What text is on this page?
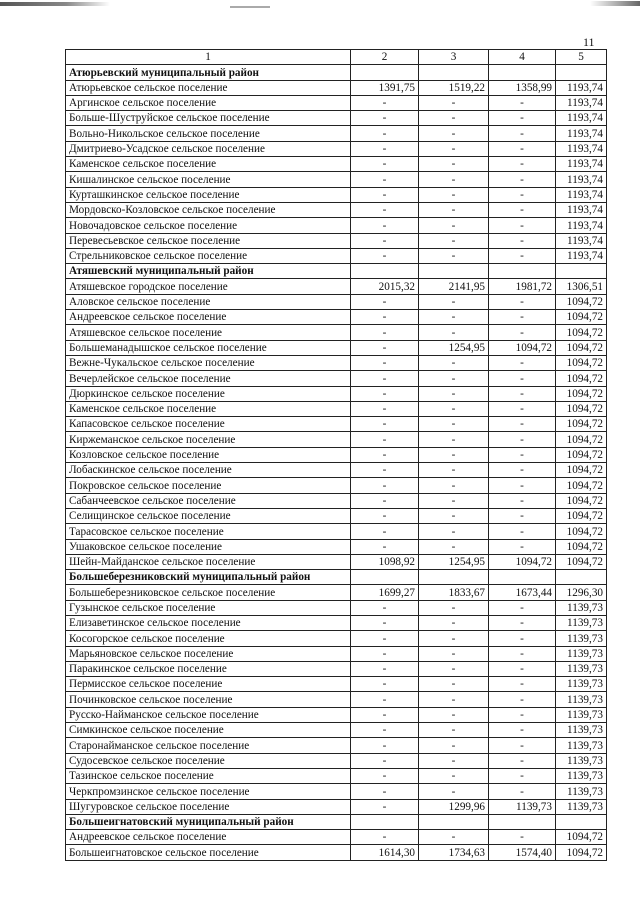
11
1	2	3	4	5
Атюрьевский муниципальный район				
Атюрьевское сельское поселение	1391,75	1519,22	1358,99	1193,74
Аргинское сельское поселение	-	-	-	1193,74
Больше-Шуструйское сельское поселение	-	-	-	1193,74
Вольно-Никольское сельское поселение	-	-	-	1193,74
Дмитриево-Усадское сельское поселение	-	-	-	1193,74
Каменское сельское поселение	-	-	-	1193,74
Кишалинское сельское поселение	-	-	-	1193,74
Курташкинское сельское поселение	-	-	-	1193,74
Мордовско-Козловское сельское поселение	-	-	-	1193,74
Новочадовское сельское поселение	-	-	-	1193,74
Перевесьевское сельское поселение	-	-	-	1193,74
Стрельниковское сельское поселение	-	-	-	1193,74
Атяшевский муниципальный район				
Атяшевское городское поселение	2015,32	2141,95	1981,72	1306,51
Аловское сельское поселение	-	-	-	1094,72
Андреевское сельское поселение	-	-	-	1094,72
Атяшевское сельское поселение	-	-	-	1094,72
Большеманадышское сельское поселение	-	1254,95	1094,72	1094,72
Вежне-Чукальское сельское поселение	-	-	-	1094,72
Вечерлейское сельское поселение	-	-	-	1094,72
Дюркинское сельское поселение	-	-	-	1094,72
Каменское сельское поселение	-	-	-	1094,72
Капасовское сельское поселение	-	-	-	1094,72
Киржеманское сельское поселение	-	-	-	1094,72
Козловское сельское поселение	-	-	-	1094,72
Лобаскинское сельское поселение	-	-	-	1094,72
Покровское сельское поселение	-	-	-	1094,72
Сабанчеевское сельское поселение	-	-	-	1094,72
Селищинское сельское поселение	-	-	-	1094,72
Тарасовское сельское поселение	-	-	-	1094,72
Ушаковское сельское поселение	-	-	-	1094,72
Шейн-Майданское сельское поселение	1098,92	1254,95	1094,72	1094,72
Большеберезниковский муниципальный район				
Большеберезниковское сельское поселение	1699,27	1833,67	1673,44	1296,30
Гузынское сельское поселение	-	-	-	1139,73
Елизаветинское сельское поселение	-	-	-	1139,73
Косогорское сельское поселение	-	-	-	1139,73
Марьяновское сельское поселение	-	-	-	1139,73
Паракинское сельское поселение	-	-	-	1139,73
Пермисское сельское поселение	-	-	-	1139,73
Починковское сельское поселение	-	-	-	1139,73
Русско-Найманское сельское поселение	-	-	-	1139,73
Симкинское сельское поселение	-	-	-	1139,73
Старонайманское сельское поселение	-	-	-	1139,73
Судосевское сельское поселение	-	-	-	1139,73
Тазинское сельское поселение	-	-	-	1139,73
Черкпромзинское сельское поселение	-	-	-	1139,73
Шугуровское сельское поселение	-	1299,96	1139,73	1139,73
Большеигнатовский муниципальный район				
Андреевское сельское поселение	-	-	-	1094,72
Большеигнатовское сельское поселение	1614,30	1734,63	1574,40	1094,72
